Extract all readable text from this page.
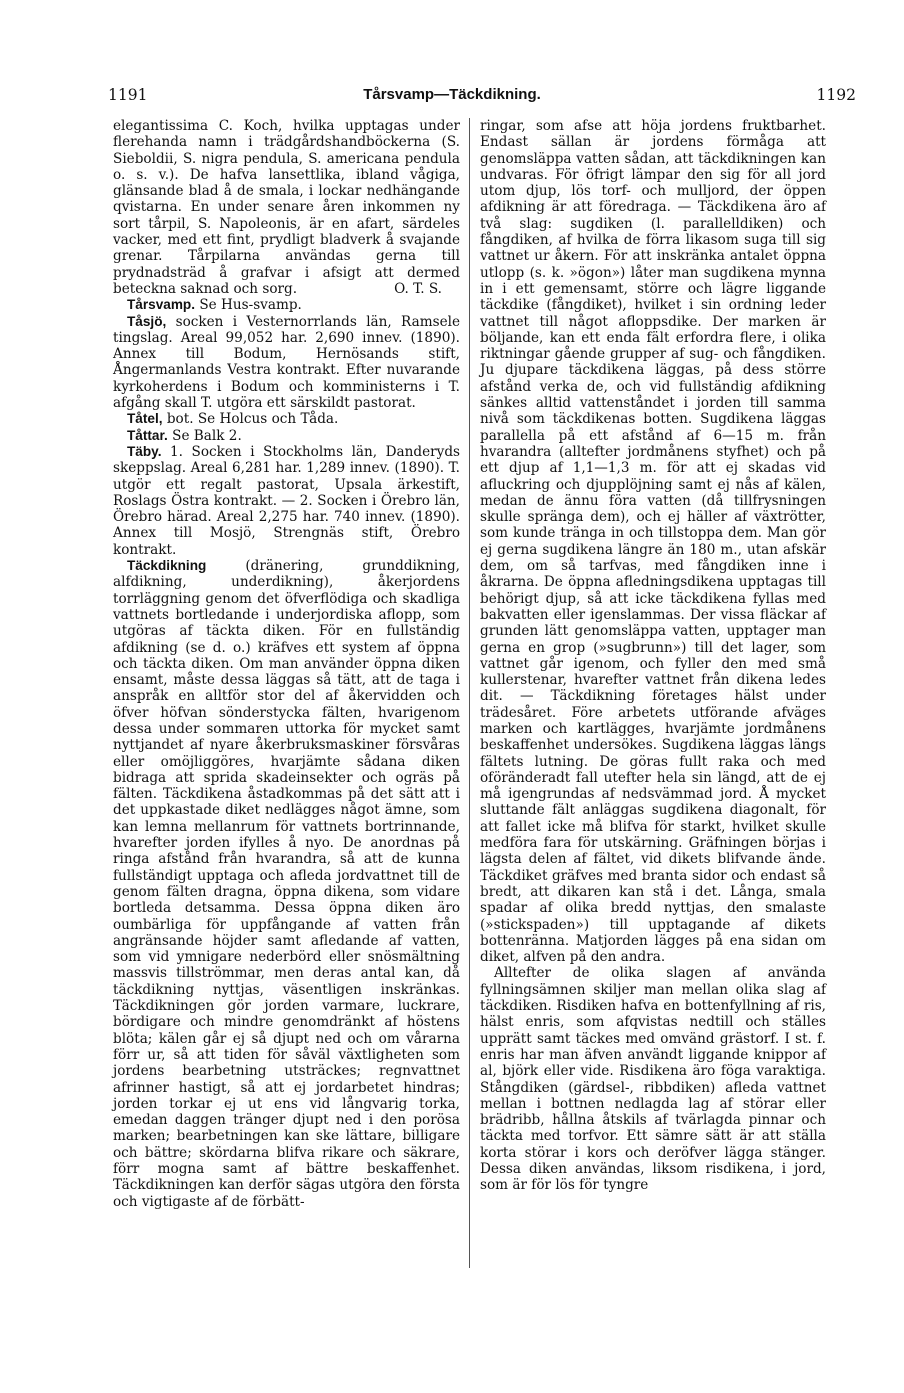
1191	Tårsvamp—Täckdikning.	1192

elegantissima C. Koch, hvilka upptagas under flerehanda namn i trädgårdshandböckerna (S. Sieboldii, S. nigra pendula, S. americana pendula o. s. v.). De hafva lansettlika, ibland vågiga, glänsande blad å de smala, i lockar nedhängande qvistarna. En under senare åren inkommen ny sort tårpil, S. Napoleonis, är en afart, särdeles vacker, med ett fint, prydligt bladverk å svajande grenar. Tårpilarna användas gerna till prydnadsträd å grafvar i afsigt att dermed beteckna saknad och sorg.	O. T. S.

Tårsvamp. Se Hus-svamp.

Tåsjö, socken i Vesternorrlands län, Ramsele tingslag. Areal 99,052 har. 2,690 innev. (1890). Annex till Bodum, Hernösands stift, Ångermanlands Vestra kontrakt. Efter nuvarande kyrkoherdens i Bodum och komministerns i T. afgång skall T. utgöra ett särskildt pastorat.

Tåtel, bot. Se Holcus och Tåda.

Tåttar. Se Balk 2.

Täby. 1. Socken i Stockholms län, Danderyds skeppslag. Areal 6,281 har. 1,289 innev. (1890). T. utgör ett regalt pastorat, Upsala ärkestift, Roslags Östra kontrakt. — 2. Socken i Örebro län, Örebro härad. Areal 2,275 har. 740 innev. (1890). Annex till Mosjö, Strengnäs stift, Örebro kontrakt.

Täckdikning	(dränering, grunddikning, alfdikning, underdikning), åkerjordens torrläggning genom det öfverflödiga och skadliga vattnets bortledande i underjordiska aflopp, som utgöras af täckta diken. För en fullständig afdikning (se d. o.) kräfves ett system af öppna och täckta diken. Om man använder öppna diken ensamt, måste dessa läggas så tätt, att de taga i anspråk en alltför stor del af åkervidden och öfver höfvan sönderstycka fälten, hvarigenom dessa under sommaren uttorka för mycket samt nyttjandet af nyare åkerbruksmaskiner försvåras eller omöjliggöres, hvarjämte sådana diken bidraga att sprida skadeinsekter och ogräs på fälten. Täckdikena åstadkommas på det sätt att i det uppkastade diket nedlägges något ämne, som kan lemna mellanrum för vattnets bortrinnande, hvarefter jorden ifylles å nyo. De anordnas på ringa afstånd från hvarandra, så att de kunna fullständigt upptaga och afleda jordvattnet till de genom fälten dragna, öppna dikena, som vidare bortleda detsamma. Dessa öppna diken äro oumbärliga för uppfångande af vatten från angränsande höjder samt afledande af vatten, som vid ymnigare nederbörd eller snösmältning massvis tillströmmar, men deras antal kan, då täckdikning nyttjas, väsentligen inskränkas. Täckdikningen gör jorden varmare, luckrare, bördigare och mindre genomdränkt af höstens blöta; kälen går ej så djupt ned och om vårarna förr ur, så att tiden för såväl växtligheten som jordens bearbetning utsträckes; regnvattnet afrinner hastigt, så att ej jordarbetet hindras; jorden torkar ej ut ens vid långvarig torka, emedan daggen tränger djupt ned i den porösa marken; bearbetningen kan ske lättare, billigare och bättre; skördarna blifva rikare och säkrare, förr mogna samt af bättre beskaffenhet. Täckdikningen kan derför sägas utgöra den första och vigtigaste af de förbätt-

ringar, som afse att höja jordens fruktbarhet. Endast sällan är jordens förmåga att genomsläppa vatten sådan, att täckdikningen kan undvaras. För öfrigt lämpar den sig för all jord utom djup, lös torf- och mulljord, der öppen afdikning är att föredraga. — Täckdikena äro af två slag: sugdiken (l. parallelldiken) och fångdiken, af hvilka de förra likasom suga till sig vattnet ur åkern. För att inskränka antalet öppna utlopp (s. k. »ögon») låter man sugdikena mynna in i ett gemensamt, större och lägre liggande täckdike (fångdiket), hvilket i sin ordning leder vattnet till något afloppsdike. Der marken är böljande, kan ett enda fält erfordra flere, i olika riktningar gående grupper af sug- och fångdiken. Ju djupare täckdikena läggas, på dess större afstånd verka de, och vid fullständig afdikning sänkes alltid vattenståndet i jorden till samma nivå som täckdikenas botten. Sugdikena läggas parallella på ett afstånd af 6—15 m. från hvarandra (alltefter jordmånens styfhet) och på ett djup af 1,1—1,3 m. för att ej skadas vid afluckring och djupplöjning samt ej nås af kälen, medan de ännu föra vatten (då tillfrysningen skulle spränga dem), och ej häller af växtrötter, som kunde tränga in och tillstoppa dem. Man gör ej gerna sugdikena längre än 180 m., utan afskär dem, om så tarfvas, med fångdiken inne i åkrarna. De öppna afledningsdikena upptagas till behörigt djup, så att icke täckdikena fyllas med bakvatten eller igenslammas. Der vissa fläckar af grunden lätt genomsläppa vatten, upptager man gerna en grop (»sugbrunn») till det lager, som vattnet går igenom, och fyller den med små kullerstenar, hvarefter vattnet från dikena ledes dit. — Täckdikning företages hälst under trädesåret. Före arbetets utförande afväges marken och kartlägges, hvarjämte jordmånens beskaffenhet undersökes. Sugdikena läggas längs fältets lutning. De göras fullt raka och med oföränderadt fall utefter hela sin längd, att de ej må igengrundas af nedsvämmad jord. Å mycket sluttande fält anläggas sugdikena diagonalt, för att fallet icke må blifva för starkt, hvilket skulle medföra fara för utskärning. Gräfningen börjas i lägsta delen af fältet, vid dikets blifvande ände. Täckdiket gräfves med branta sidor och endast så bredt, att dikaren kan stå i det. Långa, smala spadar af olika bredd nyttjas, den smalaste (»stickspaden») till upptagande af dikets bottenränna. Matjorden lägges på ena sidan om diket, alfven på den andra.

Alltefter de olika slagen af använda fyllningsämnen skiljer man mellan olika slag af täckdiken. Risdiken hafva en bottenfyllning af ris, hälst enris, som afqvistas nedtill och ställes upprätt samt täckes med omvänd grästorf. I st. f. enris har man äfven användt liggande knippor af al, björk eller vide. Risdikena äro föga varaktiga. Stångdiken (gärdsel-, ribbdiken) afleda vattnet mellan i bottnen nedlagda lag af störar eller brädribb, hållna åtskils af tvärlagda pinnar och täckta med torfvor. Ett sämre sätt är att ställa korta störar i kors och deröfver lägga stänger. Dessa diken användas, liksom risdikena, i jord, som är för lös för tyngre
